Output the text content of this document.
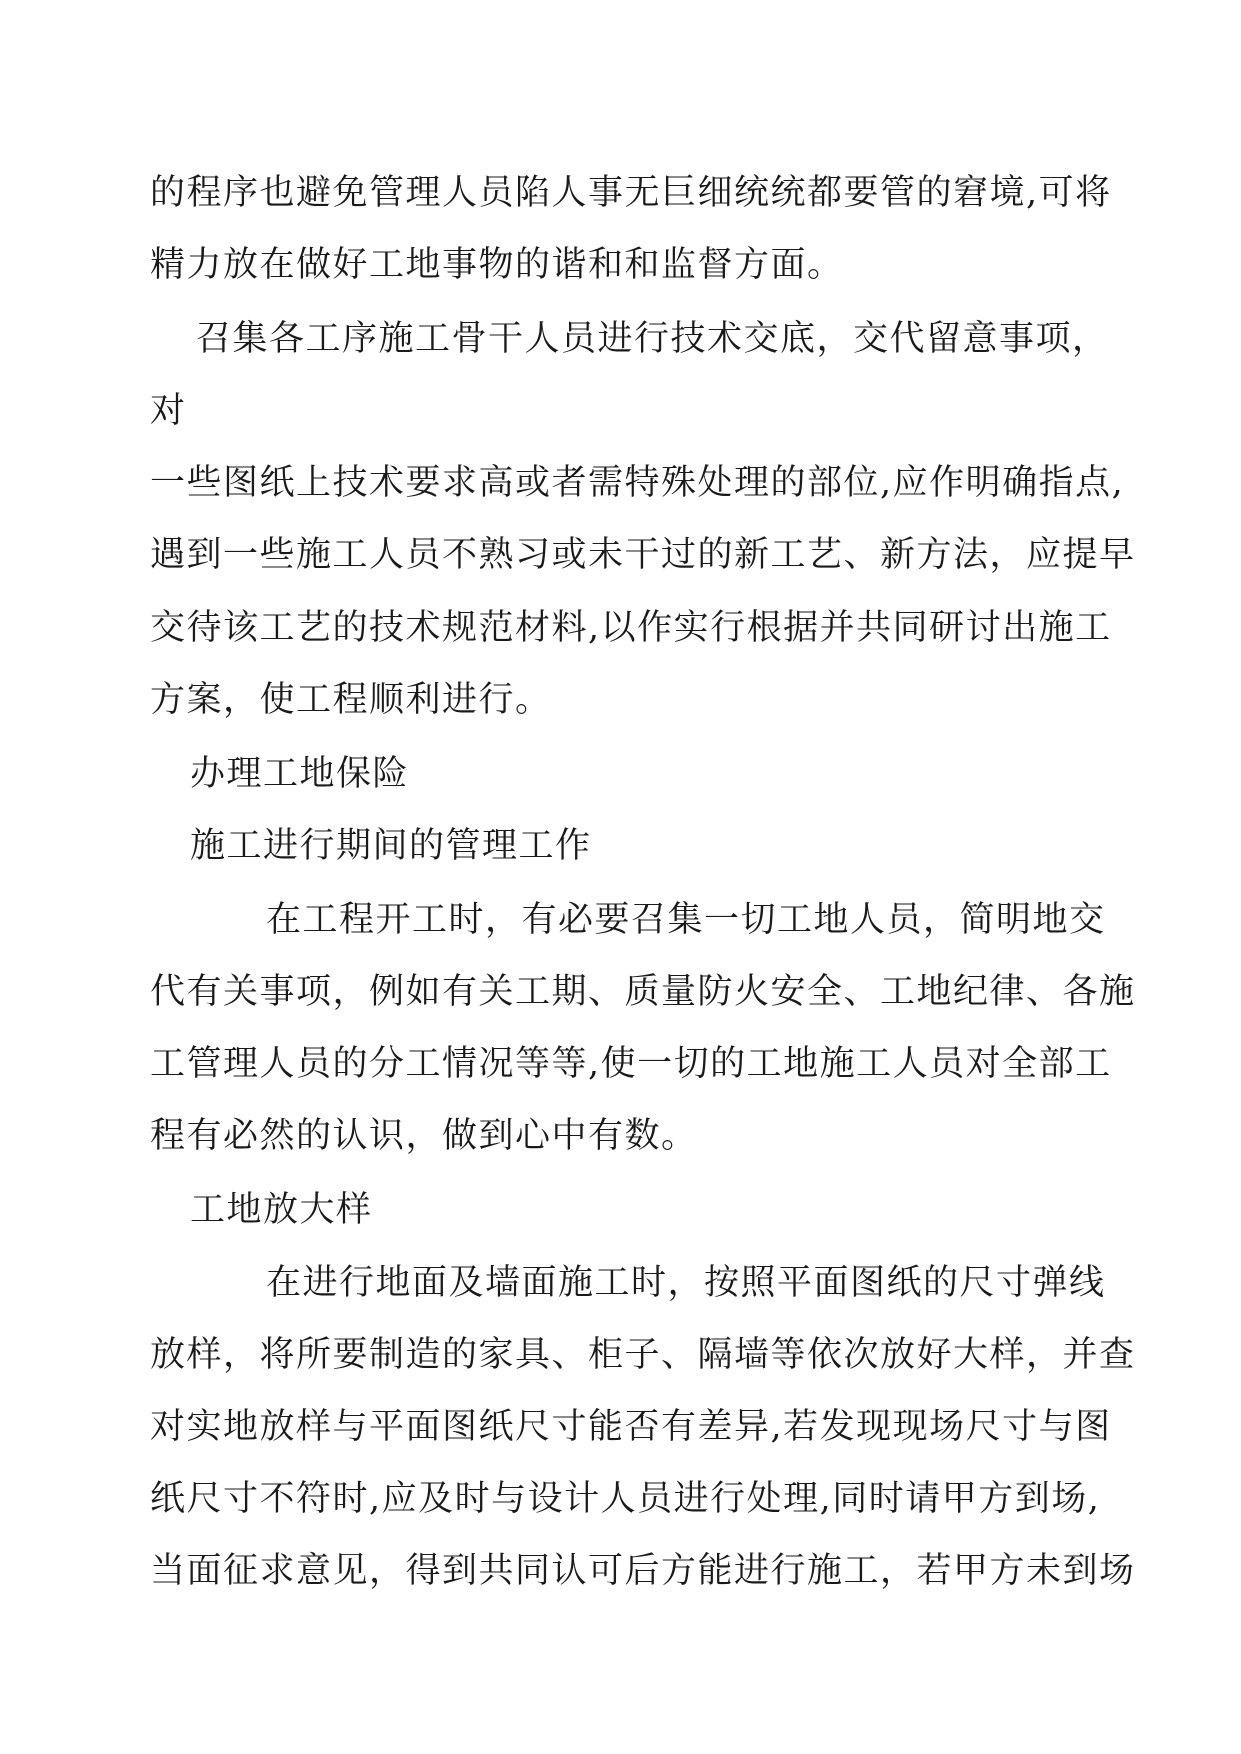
的程序也避免管理人员陷人事无巨细统统都要管的窘境,可将
精力放在做好工地事物的谐和和监督方面。
召集各工序施工骨干人员进行技术交底，交代留意事项，
对
一些图纸上技术要求高或者需特殊处理的部位,应作明确指点,
遇到一些施工人员不熟习或未干过的新工艺、新方法，应提早
交待该工艺的技术规范材料,以作实行根据并共同研讨出施工
方案，使工程顺利进行。
办理工地保险
施工进行期间的管理工作
在工程开工时，有必要召集一切工地人员，简明地交
代有关事项，例如有关工期、质量防火安全、工地纪律、各施
工管理人员的分工情况等等,使一切的工地施工人员对全部工
程有必然的认识，做到心中有数。
工地放大样
在进行地面及墙面施工时，按照平面图纸的尺寸弹线
放样，将所要制造的家具、柜子、隔墙等依次放好大样，并查
对实地放样与平面图纸尺寸能否有差异,若发现现场尺寸与图
纸尺寸不符时,应及时与设计人员进行处理,同时请甲方到场,
当面征求意见，得到共同认可后方能进行施工，若甲方未到场
